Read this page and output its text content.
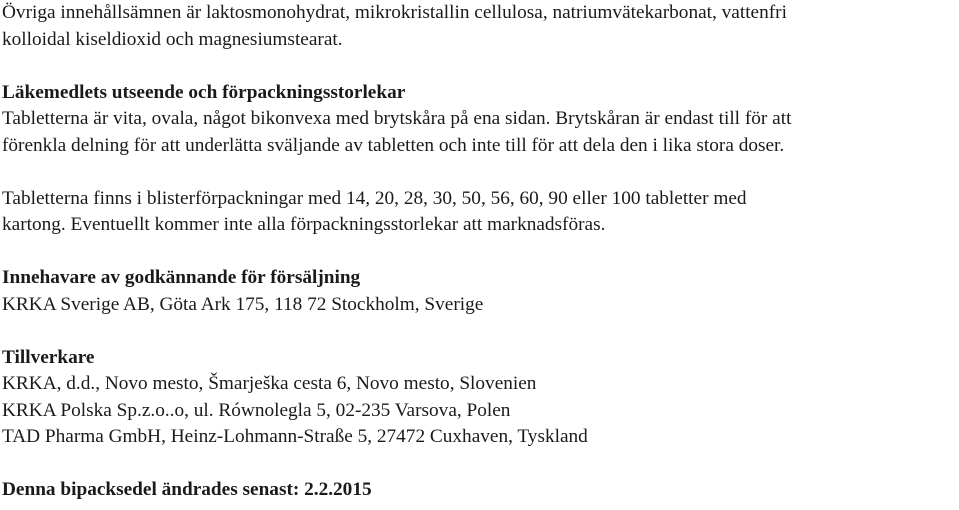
Övriga innehållsämnen är laktosmonohydrat, mikrokristallin cellulosa, natriumvätekarbonat, vattenfri

kolloidal kiseldioxid och magnesiumstearat.

Läkemedlets utseende och förpackningsstorlekar

Tabletterna är vita, ovala, något bikonvexa med brytskåra på ena sidan. Brytskåran är endast till för att

förenkla delning för att underlätta sväljande av tabletten och inte till för att dela den i lika stora doser.

Tabletterna finns i blisterförpackningar med 14, 20, 28, 30, 50, 56, 60, 90 eller 100 tabletter med

kartong. Eventuellt kommer inte alla förpackningsstorlekar att marknadsföras.

Innehavare av godkännande för försäljning

KRKA Sverige AB, Göta Ark 175, 118 72 Stockholm, Sverige

Tillverkare

KRKA, d.d., Novo mesto, Šmarješka cesta 6, Novo mesto, Slovenien

KRKA Polska Sp.z.o..o, ul. Równolegla 5, 02-235 Varsova, Polen

TAD Pharma GmbH, Heinz-Lohmann-Straße 5, 27472 Cuxhaven, Tyskland

Denna bipacksedel ändrades senast: 2.2.2015
